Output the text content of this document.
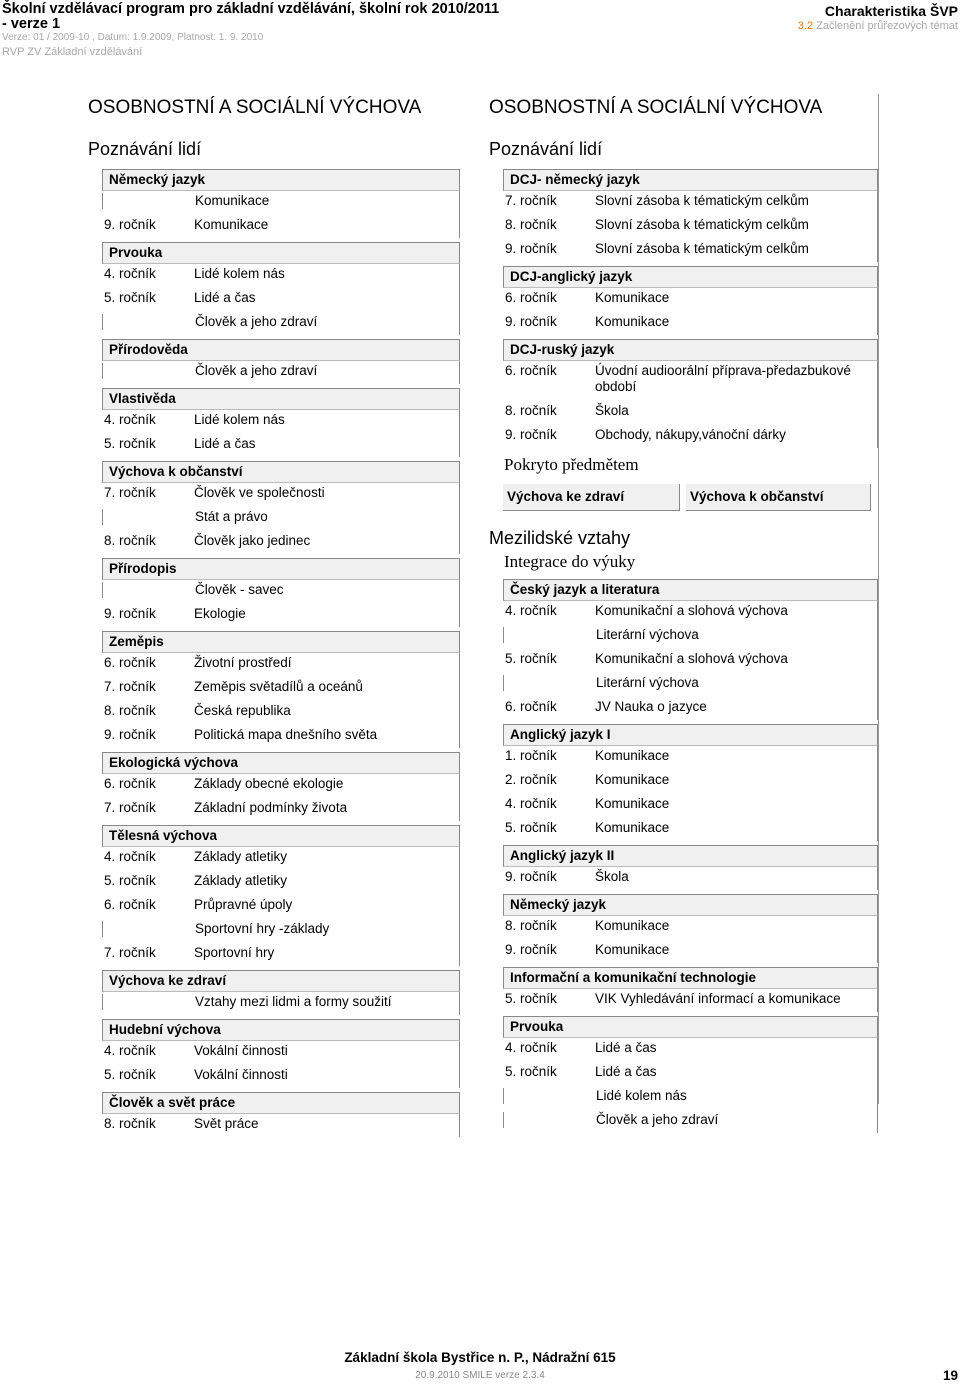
Školní vzdělávací program pro základní vzdělávání, školní rok 2010/2011
- verze 1
Verze: 01 / 2009-10 , Datum: 1.9.2009, Platnost: 1. 9. 2010
RVP ZV Základní vzdělávání
Charakteristika ŠVP
3.2 Začlenění průřezových témat
OSOBNOSTNÍ A SOCIÁLNÍ VÝCHOVA
Poznávání lidí
Německý jazyk
Komunikace
9. ročník	Komunikace
Prvouka
4. ročník	Lidé kolem nás
5. ročník	Lidé a čas
Člověk a jeho zdraví
Přírodověda
Člověk a jeho zdraví
Vlastivěda
4. ročník	Lidé kolem nás
5. ročník	Lidé a čas
Výchova k občanství
7. ročník	Člověk ve společnosti
Stát a právo
8. ročník	Člověk jako jedinec
Přírodopis
Člověk - savec
9. ročník	Ekologie
Zeměpis
6. ročník	Životní prostředí
7. ročník	Zeměpis světadílů a oceánů
8. ročník	Česká republika
9. ročník	Politická mapa dnešního světa
Ekologická výchova
6. ročník	Základy obecné ekologie
7. ročník	Základní podmínky života
Tělesná výchova
4. ročník	Základy atletiky
5. ročník	Základy atletiky
6. ročník	Průpravné úpoly
Sportovní hry -základy
7. ročník	Sportovní hry
Výchova ke zdraví
Vztahy mezi lidmi a formy soužití
Hudební výchova
4. ročník	Vokální činnosti
5. ročník	Vokální činnosti
Člověk a svět práce
8. ročník	Svět práce
OSOBNOSTNÍ A SOCIÁLNÍ VÝCHOVA
Poznávání lidí
DCJ- německý jazyk
7. ročník	Slovní zásoba k tématickým celkům
8. ročník	Slovní zásoba k tématickým celkům
9. ročník	Slovní zásoba k tématickým celkům
DCJ-anglický jazyk
6. ročník	Komunikace
9. ročník	Komunikace
DCJ-ruský jazyk
6. ročník	Úvodní audioorální příprava-předazbukové období
8. ročník	Škola
9. ročník	Obchody, nákupy,vánoční dárky
Pokryto předmětem
Výchova ke zdraví	Výchova k občanství
Mezilidské vztahy
Integrace do výuky
Český jazyk a literatura
4. ročník	Komunikační a slohová výchova
Literární výchova
5. ročník	Komunikační a slohová výchova
Literární výchova
6. ročník	JV Nauka o jazyce
Anglický jazyk I
1. ročník	Komunikace
2. ročník	Komunikace
4. ročník	Komunikace
5. ročník	Komunikace
Anglický jazyk II
9. ročník	Škola
Německý jazyk
8. ročník	Komunikace
9. ročník	Komunikace
Informační a komunikační technologie
5. ročník	VIK Vyhledávání informací a komunikace
Prvouka
4. ročník	Lidé a čas
5. ročník	Lidé a čas
Lidé kolem nás
Člověk a jeho zdraví
Základní škola Bystřice n. P., Nádražní 615
20.9.2010 SMILE verze 2.3.4	19
